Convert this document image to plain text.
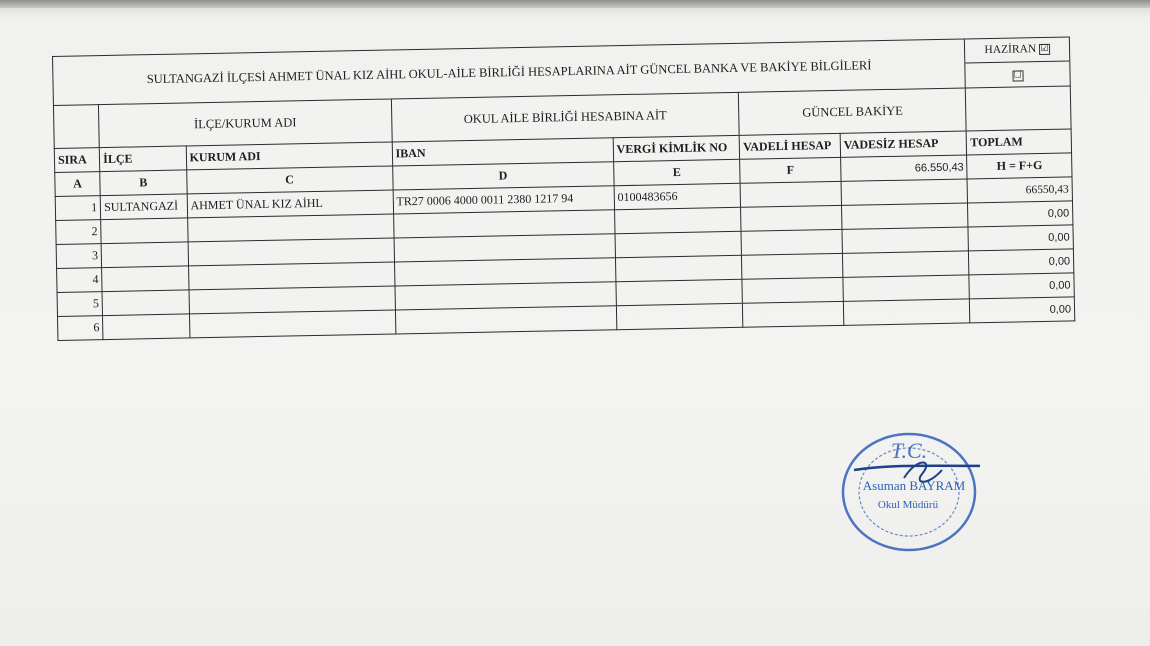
SULTANGAZİ İLÇESİ AHMET ÜNAL KIZ AİHL OKUL-AİLE BİRLİĞİ HESAPLARINA AİT GÜNCEL BANKA VE BAKİYE BİLGİLERİ							HAZİRAN ☑
☐

	İLÇE/KURUM ADI		OKUL AİLE BİRLİĞİ HESABINA AİT		GÜNCEL BAKİYE		
SIRA	İLÇE	KURUM ADI	IBAN	VERGİ KİMLİK NO	VADELİ HESAP	VADESİZ HESAP	TOPLAM
A	B	C	D	E	F	66.550,43	H = F+G

1	SULTANGAZİ	AHMET ÜNAL KIZ AİHL	TR27 0006 4000 0011 2380 1217 94	0100483656			66550,43

2							0,00
3							0,00
4							0,00
5							0,00
6							0,00
T.C.
Asuman BAYRAM
Okul Müdürü
